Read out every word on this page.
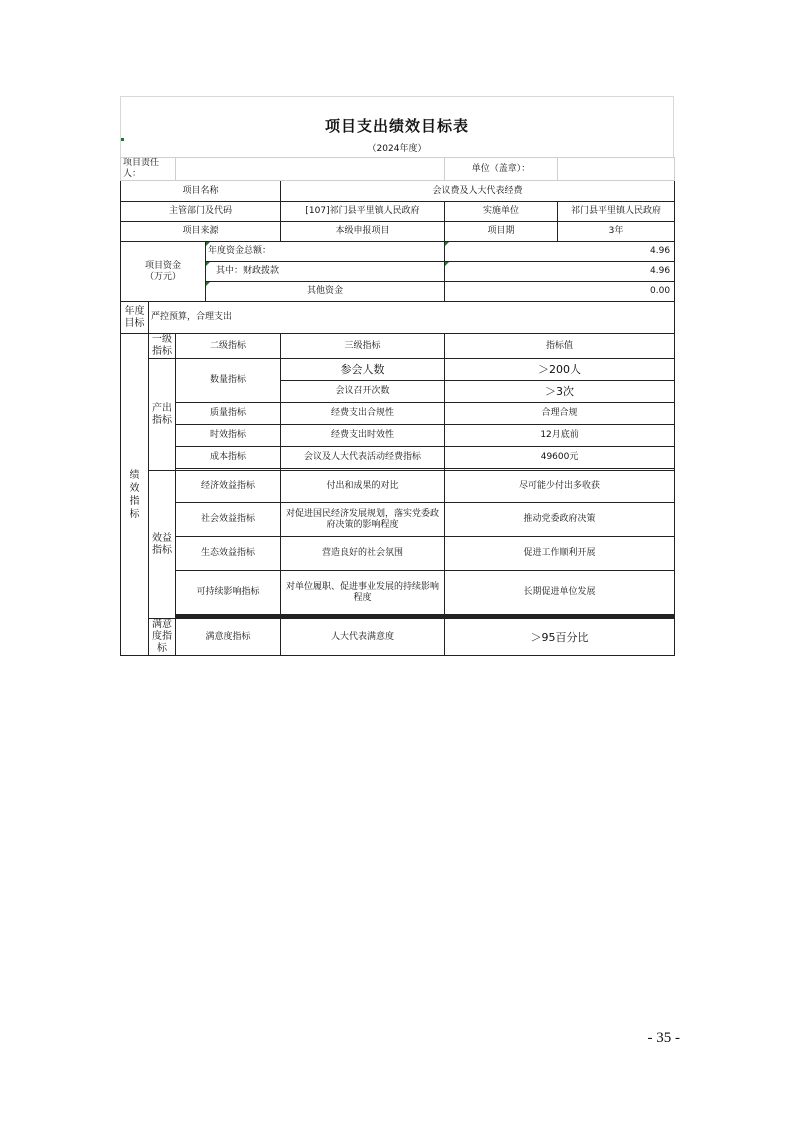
项目支出绩效目标表
（2024年度）
项目责任人：					单位（盖章）：	
项目名称				会议费及人大代表经费		
主管部门及代码				[107]祁门县平里镇人民政府	实施单位	祁门县平里镇人民政府
项目来源				本级申报项目	项目期	3年
项目资金
（万元）			年度资金总额：		4.96	

其中：财政拨款		4.96	

其他资金		0.00	
年度目标	严控预算，合理支出					

绩效指标	一级指标	二级指标		三级指标	指标值	

	产出指标	数量指标		参会人数	＞200人	
				会议召开次数	＞3次	
		质量指标		经费支出合规性	合理合规	
		时效指标		经费支出时效性	12月底前	
		成本指标		会议及人大代表活动经费指标	49600元	

	效益指标	经济效益指标		付出和成果的对比	尽可能少付出多收获	
		社会效益指标		对促进国民经济发展规划，落实党委政府决策的影响程度	推动党委政府决策	
		生态效益指标		营造良好的社会氛围	促进工作顺利开展	
		可持续影响指标		对单位履职、促进事业发展的持续影响程度	长期促进单位发展	

	满意度指标	满意度指标		人大代表满意度	＞95百分比	
- 35 -
